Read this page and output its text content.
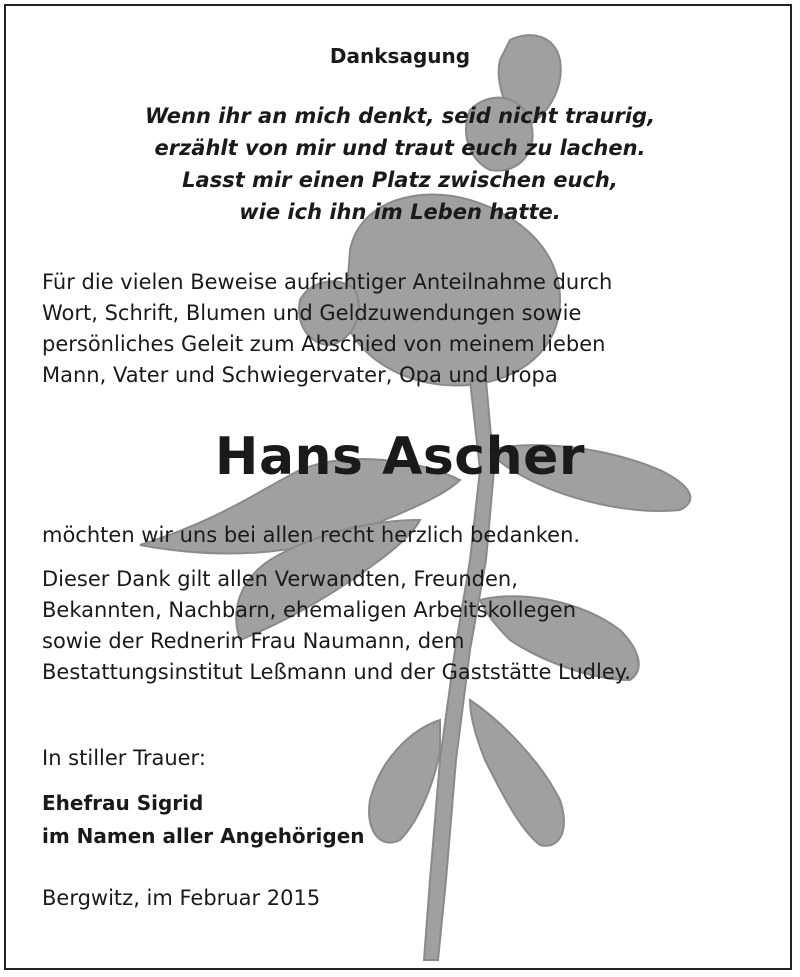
Danksagung
Wenn ihr an mich denkt, seid nicht traurig,
erzählt von mir und traut euch zu lachen.
Lasst mir einen Platz zwischen euch,
wie ich ihn im Leben hatte.
Für die vielen Beweise aufrichtiger Anteilnahme durch
Wort, Schrift, Blumen und Geldzuwendungen sowie
persönliches Geleit zum Abschied von meinem lieben
Mann, Vater und Schwiegervater, Opa und Uropa
Hans Ascher
möchten wir uns bei allen recht herzlich bedanken.
Dieser Dank gilt allen Verwandten, Freunden,
Bekannten, Nachbarn, ehemaligen Arbeitskollegen
sowie der Rednerin Frau Naumann, dem
Bestattungsinstitut Leßmann und der Gaststätte Ludley.
In stiller Trauer:
Ehefrau Sigrid
im Namen aller Angehörigen
Bergwitz, im Februar 2015
